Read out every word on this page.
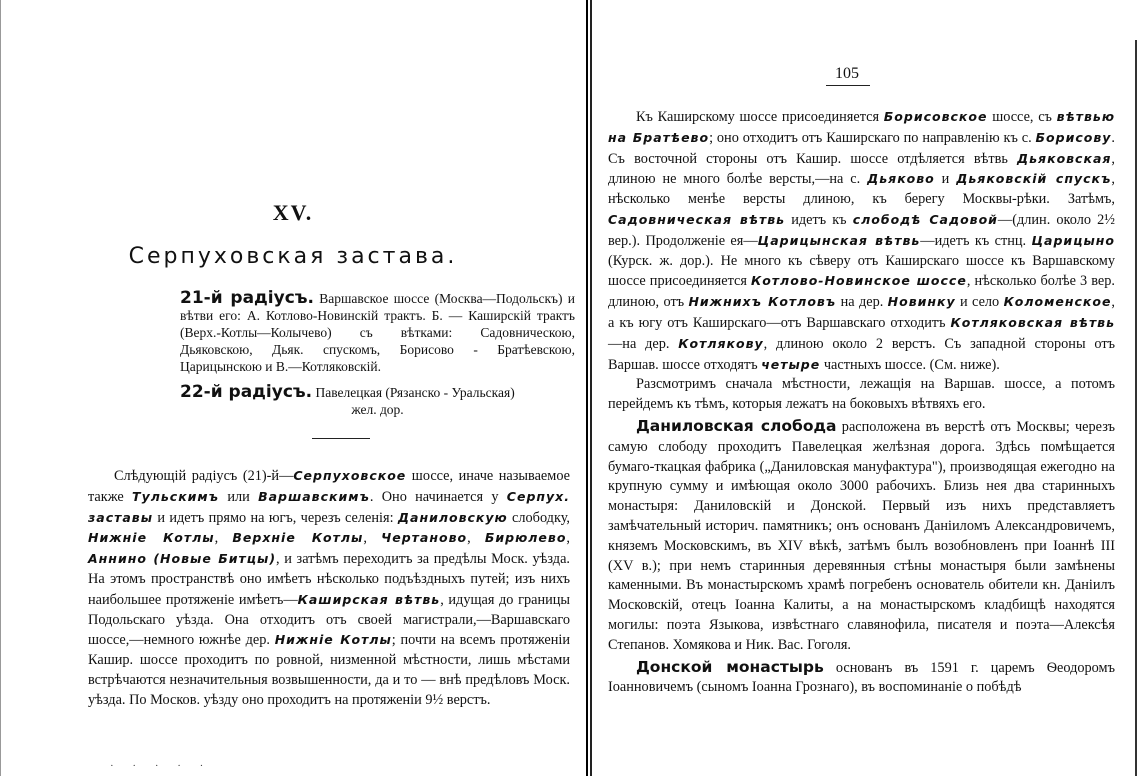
XV.
Серпуховская застава.
21-й радіусъ. Варшавское шоссе (Москва—Подольскъ) и вѣтви его: А. Котлово-Новинскій трактъ. Б. — Каширскій трактъ (Верх.-Котлы—Колычево) съ вѣтками: Садовническою, Дьяковскою, Дьяк. спускомъ, Борисово - Братѣевскою, Царицынскою и В.—Котляковскій.
22-й радіусъ. Павелецкая (Рязанско - Уральская)
жел. дор.

Слѣдующій радіусъ (21)-й—Серпуховское шоссе, иначе называемое также Тульскимъ или Варшавскимъ. Оно начинается у Серпух. заставы и идетъ прямо на югъ, черезъ селенія: Даниловскую слободку, Нижніе Котлы, Верхніе Котлы, Чертаново, Бирюлево, Аннино (Новые Битцы), и затѣмъ переходитъ за предѣлы Моск. уѣзда. На этомъ пространствѣ оно имѣетъ нѣсколько подъѣздныхъ путей; изъ нихъ наибольшее протяженіе имѣетъ—Каширская вѣтвь, идущая до границы Подольскаго уѣзда. Она отходитъ отъ своей магистрали,—Варшавскаго шоссе,—немного южнѣе дер. Нижніе Котлы; почти на всемъ протяженіи Кашир. шоссе проходитъ по ровной, низменной мѣстности, лишь мѣстами встрѣчаются незначительныя возвышенности, да и то — внѣ предѣловъ Моск. уѣзда. По Москов. уѣзду оно проходитъ на протяженіи 9½ верстъ.

· · · · ·
105

Къ Каширскому шоссе присоединяется Борисовское шоссе, съ вѣтвью на Братѣево; оно отходитъ отъ Каширскаго по направленію къ с. Борисову. Съ восточной стороны отъ Кашир. шоссе отдѣляется вѣтвь Дьяковская, длиною не много болѣе версты,—на с. Дьяково и Дьяковскій спускъ, нѣсколько менѣе версты длиною, къ берегу Москвы-рѣки. Затѣмъ, Садовническая вѣтвь идетъ къ слободѣ Садовой—(длин. около 2½ вер.). Продолженіе ея—Царицынская вѣтвь—идетъ къ стнц. Царицыно (Курск. ж. дор.). Не много къ сѣверу отъ Каширскаго шоссе къ Варшавскому шоссе присоединяется Котлово-Новинское шоссе, нѣсколько болѣе 3 вер. длиною, отъ Нижнихъ Котловъ на дер. Новинку и село Коломенское, а къ югу отъ Каширскаго—отъ Варшавскаго отходитъ Котляковская вѣтвь—на дер. Котлякову, длиною около 2 верстъ. Съ западной стороны отъ Варшав. шоссе отходятъ четыре частныхъ шоссе. (См. ниже).

Разсмотримъ сначала мѣстности, лежащія на Варшав. шоссе, а потомъ перейдемъ къ тѣмъ, которыя лежатъ на боковыхъ вѣтвяхъ его.

Даниловская слобода расположена въ верстѣ отъ Москвы; черезъ самую слободу проходитъ Павелецкая желѣзная дорога. Здѣсь помѣщается бумаго-ткацкая фабрика („Даниловская мануфактура"), производящая ежегодно на крупную сумму и имѣющая около 3000 рабочихъ. Близь нея два старинныхъ монастыря: Даниловскій и Донской. Первый изъ нихъ представляетъ замѣчательный историч. памятникъ; онъ основанъ Даніиломъ Александровичемъ, княземъ Московскимъ, въ XIV вѣкѣ, затѣмъ былъ возобновленъ при Іоаннѣ III (XV в.); при немъ старинныя деревянныя стѣны монастыря были замѣнены каменными. Въ монастырскомъ храмѣ погребенъ основатель обители кн. Даніилъ Московскій, отецъ Іоанна Калиты, а на монастырскомъ кладбищѣ находятся могилы: поэта Языкова, извѣстнаго славянофила, писателя и поэта—Алексѣя Степанов. Хомякова и Ник. Вас. Гоголя.

Донской монастырь основанъ въ 1591 г. царемъ Ѳеодоромъ Іоанновичемъ (сыномъ Іоанна Грознаго), въ воспоминаніе о побѣдѣ
